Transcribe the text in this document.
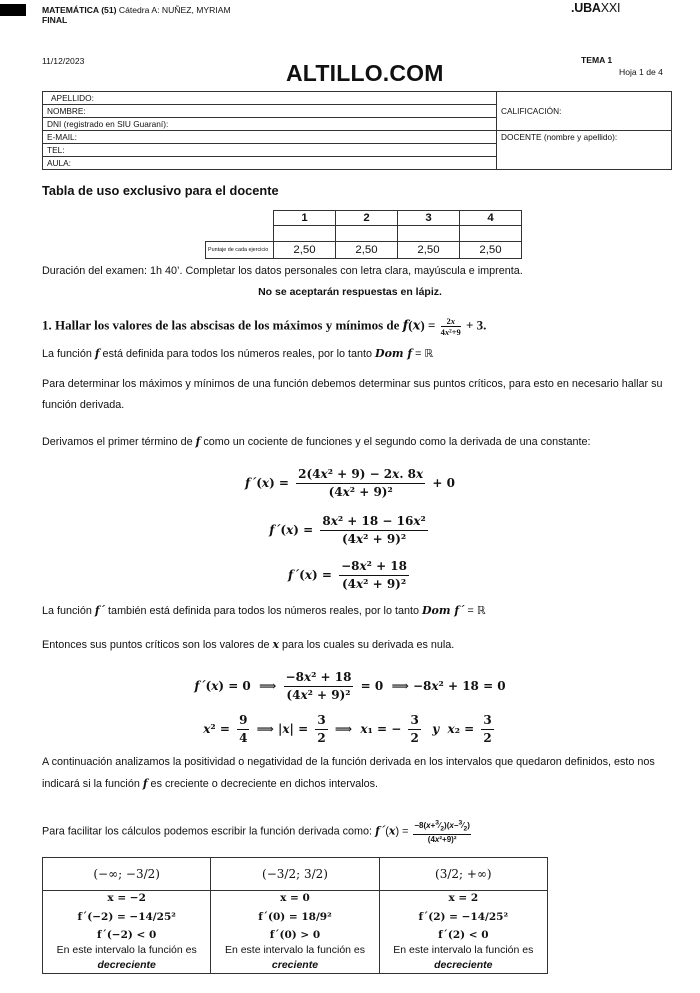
MATEMÁTICA (51) Cátedra A: NUÑEZ, MYRIAM
FINAL
.UBAXXI
11/12/2023	ALTILLO.COM	TEMA 1
Hoja 1 de 4
APELLIDO:	CALIFICACIÓN:
NOMBRE:	
DNI (registrado en SIU Guaraní):	
E-MAIL:	DOCENTE (nombre y apellido):
TEL:	
AULA:	
Tabla de uso exclusivo para el docente
	1	2	3	4

Puntaje de cada ejercicio	2,50	2,50	2,50	2,50
Duración del examen: 1h 40’. Completar los datos personales con letra clara, mayúscula e imprenta.
No se aceptarán respuestas en lápiz.
1. Hallar los valores de las abscisas de los máximos y mínimos de $f(x) = \frac{2x}{\text{4x²+9}} + 3$.
La función f está definida para todos los números reales, por lo tanto Dom f = ℝ
Para determinar los máximos y mínimos de una función debemos determinar sus puntos críticos, para esto en necesario hallar su función derivada.
Derivamos el primer término de f como un cociente de funciones y el segundo como la derivada de una constante:
f´(x) = $\frac{\text{2(4x² + 9) − 2x. 8x}}{\text{(4x² + 9)²}} + 0$
f´(x) = $\frac{\text{8x² + 18 − 16x²}}{\text{(4x² + 9)²}}$
f´(x) = $\frac{\text{−8x² + 18}}{\text{(4x² + 9)²}}$
La función f´ también está definida para todos los números reales, por lo tanto Dom f´ = ℝ
Entonces sus puntos críticos son los valores de x para los cuales su derivada es nula.
f´(x) = 0  ⟹ $\frac{\text{−8x² + 18}}{\text{(4x² + 9)²}} = 0$  ⟹ −8x² + 18 = 0
$x^2 = \frac{9}{4}$ ⟹ $|x| = \frac{3}{2}$ ⟹  x₁ = − $\frac{3}{2}$ y $x_2 = \frac{3}{2}$
A continuación analizamos la positividad o negatividad de la función derivada en los intervalos que quedaron definidos, esto nos indicará si la función f es creciente o decreciente en dichos intervalos.
Para facilitar los cálculos podemos escribir la función derivada como: f´(x) = $\frac{-8(x+^3⁄_2)(x-^3⁄_2)}{\text{(4x²+9)²}}$
(−∞; −3/2)	(−3/2; 3/2)	(3/2; +∞)

x = −2
f´(−2) = −14/25²
f´(−2) < 0
En este intervalo la función es
decreciente	x = 0
f´(0) = 18/9²
f´(0) > 0
En este intervalo la función es
creciente	x = 2
f´(2) = −14/25²
f´(2) < 0
En este intervalo la función es
decreciente
